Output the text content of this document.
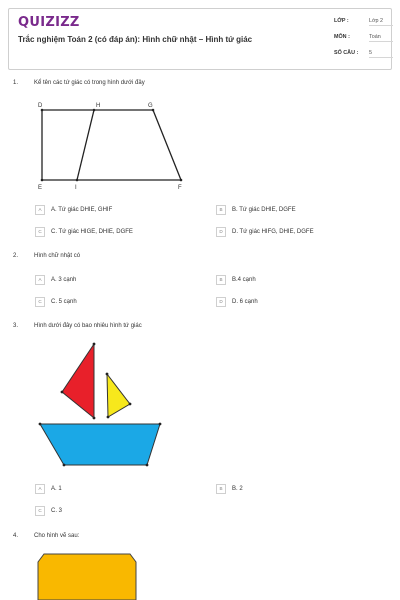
QUIZIZZ
Trắc nghiệm Toán 2 (có đáp án): Hình chữ nhật – Hình tứ giác
LỚP :	Lớp 2
MÔN :	Toán
SỐ CÂU : 5
1.	Kể tên các tứ giác có trong hình dưới đây
D	H	G
E	I	F
A	A. Tứ giác DHIE, GHIF	B	B. Tứ giác DHIE, DGFE
C	C. Tứ giác HIGE, DHIE, DGFE	D	D. Tứ giác HIFG, DHIE, DGFE
2.	Hình chữ nhật có
A	A. 3 cạnh	B	B.4 cạnh
C	C. 5 cạnh	D	D. 6 cạnh
3.	Hình dưới đây có bao nhiêu hình tứ giác
A	A. 1	B	B. 2
C	C. 3
4.	Cho hình vẽ sau:
